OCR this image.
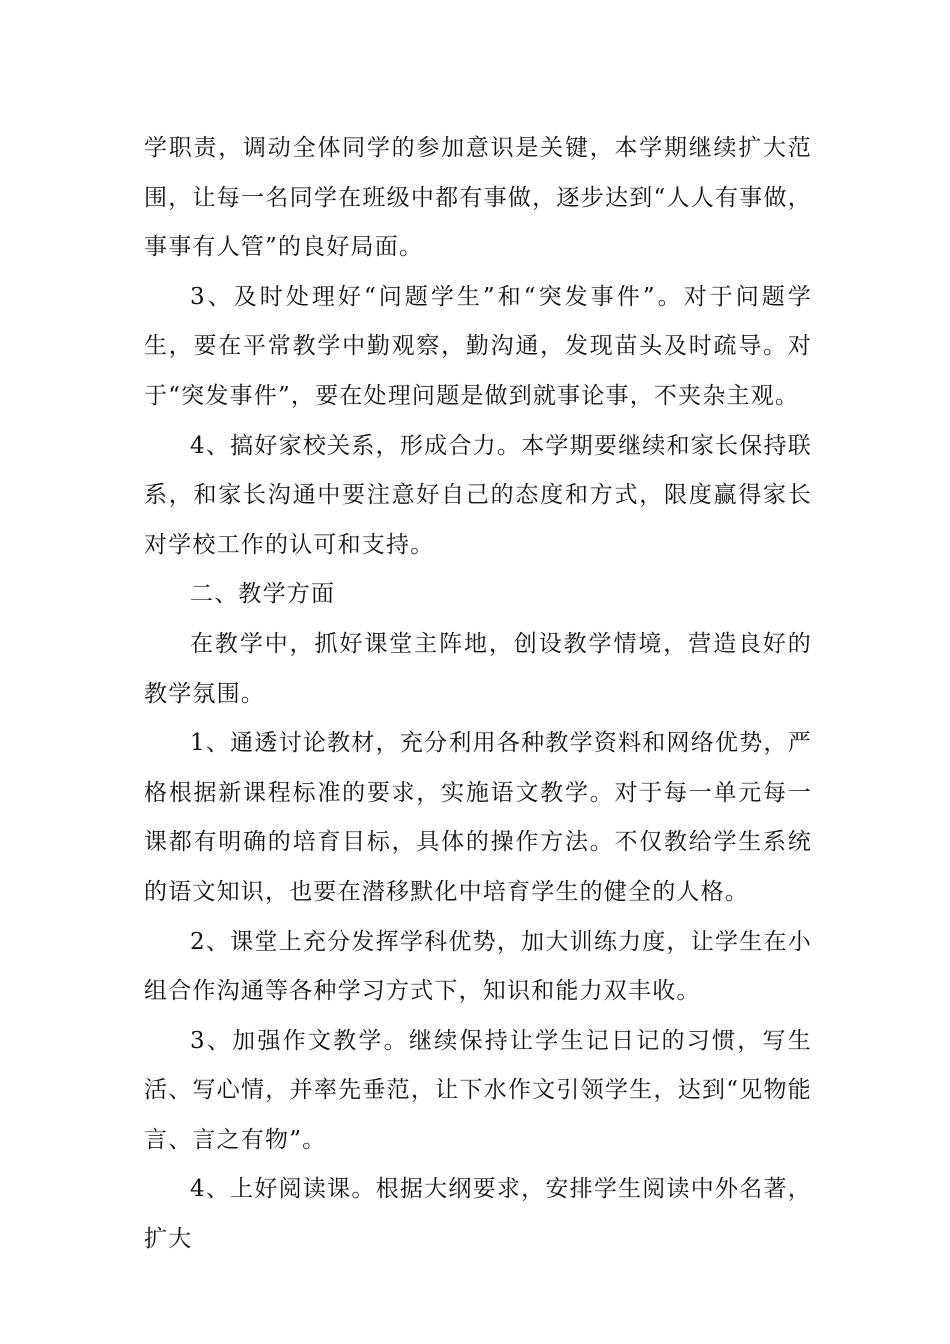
学职责，调动全体同学的参加意识是关键，本学期继续扩大范围，让每一名同学在班级中都有事做，逐步达到“人人有事做，事事有人管”的良好局面。

3、及时处理好“问题学生”和“突发事件”。对于问题学生，要在平常教学中勤观察，勤沟通，发现苗头及时疏导。对于“突发事件”，要在处理问题是做到就事论事，不夹杂主观。

4、搞好家校关系，形成合力。本学期要继续和家长保持联系，和家长沟通中要注意好自己的态度和方式，限度赢得家长对学校工作的认可和支持。

二、教学方面

在教学中，抓好课堂主阵地，创设教学情境，营造良好的教学氛围。

1、通透讨论教材，充分利用各种教学资料和网络优势，严格根据新课程标准的要求，实施语文教学。对于每一单元每一课都有明确的培育目标，具体的操作方法。不仅教给学生系统的语文知识，也要在潜移默化中培育学生的健全的人格。

2、课堂上充分发挥学科优势，加大训练力度，让学生在小组合作沟通等各种学习方式下，知识和能力双丰收。

3、加强作文教学。继续保持让学生记日记的习惯，写生活、写心情，并率先垂范，让下水作文引领学生，达到“见物能言、言之有物”。

4、上好阅读课。根据大纲要求，安排学生阅读中外名著，扩大
